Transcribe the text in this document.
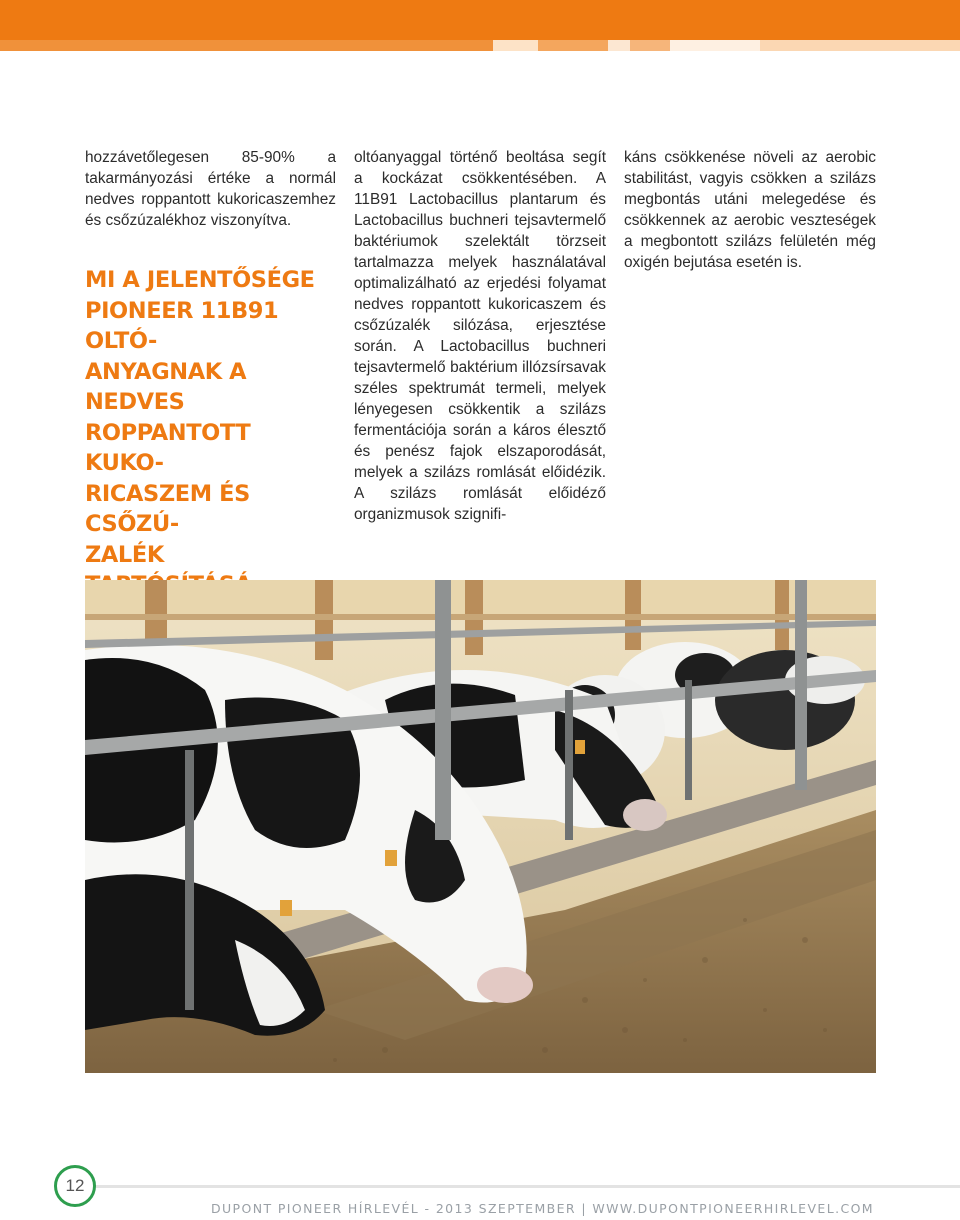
hozzávetőlegesen 85-90% a takarmányozási értéke a normál nedves roppantott kukoricaszemhez és csőzúzalékhoz viszonyítva.

MI A JELENTŐSÉGE
PIONEER 11B91 OLTÓ-
ANYAGNAK A NEDVES
ROPPANTOTT KUKO-
RICASZEM ÉS CSŐZÚ-
ZALÉK

oltóanyaggal történő beoltása segít a kockázat csökkentésében. A 11B91 Lactobacillus plantarum és Lactobacillus buchneri tejsavtermelő baktériumok szelektált törzseit tartalmazza melyek használatával optimalizálható az erjedési folyamat nedves roppantott kukoricaszem és csőzúzalék silózása, erjesztése során. A Lactobacillus buchneri tejsavtermelő baktérium illózsírsavak széles spektrumát termeli, melyek lényegesen csökkentik a szilázs fermentációja során a káros élesztő és penész fajok elszaporodását, melyek a szilázs romlását előidézik. A szilázs romlását előidéző organizmusok szignifi-

káns csökkenése növeli az aerobic stabilitást, vagyis csökken a szilázs megbontás utáni melegedése és csökkennek az aerobic veszteségek a megbontott szilázs felületén még oxigén bejutása esetén is.

12
DUPONT PIONEER HÍRLEVÉL - 2013 SZEPTEMBER | WWW.DUPONTPIONEERHIRLEVEL.COM
